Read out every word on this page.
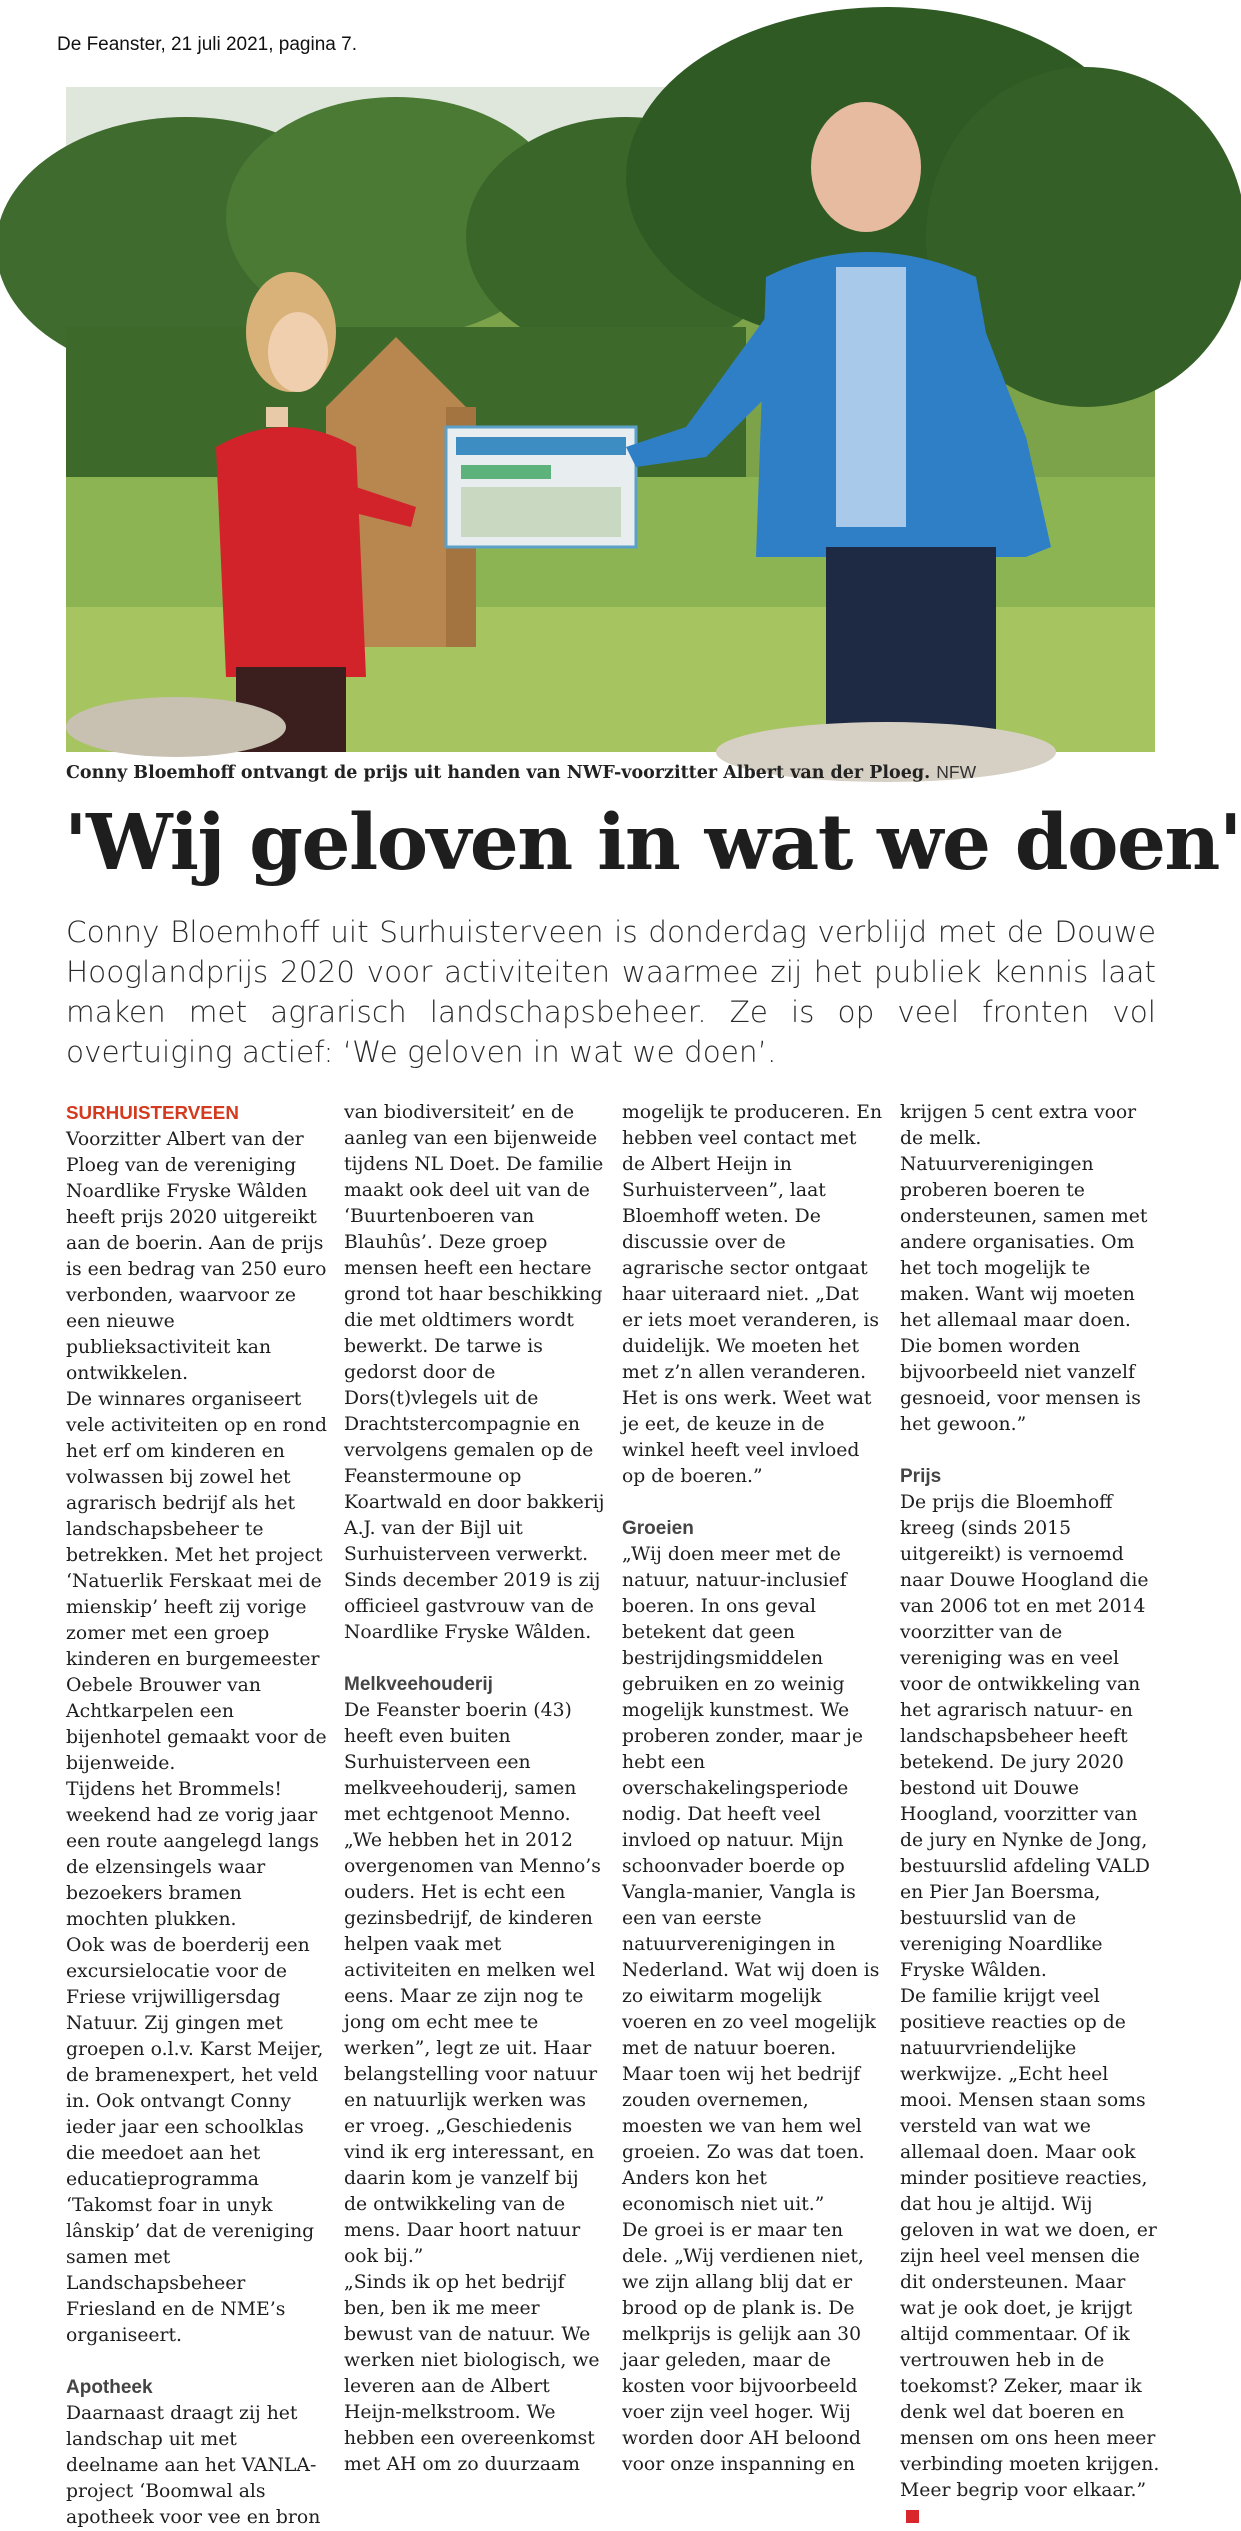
De Feanster, 21 juli 2021, pagina 7.
Conny Bloemhoff ontvangt de prijs uit handen van NWF-voorzitter Albert van der Ploeg. NFW
'Wij geloven in wat we doen'

Conny Bloemhoff uit Surhuisterveen is donderdag verblijd met de Douwe Hooglandprijs 2020 voor activiteiten waarmee zij het publiek kennis laat maken met agrarisch landschapsbeheer. Ze is op veel fronten vol overtuiging actief: ‘We geloven in wat we doen’.

SURHUISTERVEEN Voorzitter Albert van der Ploeg van de vereniging Noardlike Fryske Wâlden heeft prijs 2020 uitgereikt aan de boerin. Aan de prijs is een bedrag van 250 euro verbonden, waarvoor ze een nieuwe publieksactiviteit kan ontwikkelen.

De winnares organiseert vele activiteiten op en rond het erf om kinderen en volwassen bij zowel het agrarisch bedrijf als het landschapsbeheer te betrekken. Met het project ‘Natuerlik Ferskaat mei de mienskip’ heeft zij vorige zomer met een groep kinderen en burgemeester Oebele Brouwer van Achtkarpelen een bijenhotel gemaakt voor de bijenweide.

Tijdens het Brommels! weekend had ze vorig jaar een route aangelegd langs de elzensingels waar bezoekers bramen mochten plukken.

Ook was de boerderij een excursielocatie voor de Friese vrijwilligersdag Natuur. Zij gingen met groepen o.l.v. Karst Meijer, de bramenexpert, het veld in. Ook ontvangt Conny ieder jaar een schoolklas die meedoet aan het educatieprogramma ‘Takomst foar in unyk lânskip’ dat de vereniging samen met Landschapsbeheer Friesland en de NME’s organiseert.

Apotheek

Daarnaast draagt zij het landschap uit met deelname aan het VANLA-project ‘Boomwal als apotheek voor vee en bron

van biodiversiteit’ en de aanleg van een bijenweide tijdens NL Doet. De familie maakt ook deel uit van de ‘Buurtenboeren van Blauhûs’. Deze groep mensen heeft een hectare grond tot haar beschikking die met oldtimers wordt bewerkt. De tarwe is gedorst door de Dors(t)vlegels uit de Drachtstercompagnie en vervolgens gemalen op de Feanstermoune op Koartwald en door bakkerij A.J. van der Bijl uit Surhuisterveen verwerkt. Sinds december 2019 is zij officieel gastvrouw van de Noardlike Fryske Wâlden.

Melkveehouderij

De Feanster boerin (43) heeft even buiten Surhuisterveen een melkveehouderij, samen met echtgenoot Menno. „We hebben het in 2012 overgenomen van Menno’s ouders. Het is echt een gezinsbedrijf, de kinderen helpen vaak met activiteiten en melken wel eens. Maar ze zijn nog te jong om echt mee te werken”, legt ze uit. Haar belangstelling voor natuur en natuurlijk werken was er vroeg. „Geschiedenis vind ik erg interessant, en daarin kom je vanzelf bij de ontwikkeling van de mens. Daar hoort natuur ook bij.”

„Sinds ik op het bedrijf ben, ben ik me meer bewust van de natuur. We werken niet biologisch, we leveren aan de Albert Heijn-melkstroom. We hebben een overeenkomst met AH om zo duurzaam

mogelijk te produceren. En hebben veel contact met de Albert Heijn in Surhuisterveen”, laat Bloemhoff weten. De discussie over de agrarische sector ontgaat haar uiteraard niet. „Dat er iets moet veranderen, is duidelijk. We moeten het met z’n allen veranderen. Het is ons werk. Weet wat je eet, de keuze in de winkel heeft veel invloed op de boeren.”

Groeien

„Wij doen meer met de natuur, natuur-inclusief boeren. In ons geval betekent dat geen bestrijdingsmiddelen gebruiken en zo weinig mogelijk kunstmest. We proberen zonder, maar je hebt een overschakelingsperiode nodig. Dat heeft veel invloed op natuur. Mijn schoonvader boerde op Vangla-manier, Vangla is een van eerste natuurverenigingen in Nederland. Wat wij doen is zo eiwitarm mogelijk voeren en zo veel mogelijk met de natuur boeren. Maar toen wij het bedrijf zouden overnemen, moesten we van hem wel groeien. Zo was dat toen. Anders kon het economisch niet uit.”

De groei is er maar ten dele. „Wij verdienen niet, we zijn allang blij dat er brood op de plank is. De melkprijs is gelijk aan 30 jaar geleden, maar de kosten voor bijvoorbeeld voer zijn veel hoger. Wij worden door AH beloond voor onze inspanning en

krijgen 5 cent extra voor de melk. Natuurverenigingen proberen boeren te ondersteunen, samen met andere organisaties. Om het toch mogelijk te maken. Want wij moeten het allemaal maar doen. Die bomen worden bijvoorbeeld niet vanzelf gesnoeid, voor mensen is het gewoon.”

Prijs

De prijs die Bloemhoff kreeg (sinds 2015 uitgereikt) is vernoemd naar Douwe Hoogland die van 2006 tot en met 2014 voorzitter van de vereniging was en veel voor de ontwikkeling van het agrarisch natuur- en landschapsbeheer heeft betekend. De jury 2020 bestond uit Douwe Hoogland, voorzitter van de jury en Nynke de Jong, bestuurslid afdeling VALD en Pier Jan Boersma, bestuurslid van de vereniging Noardlike Fryske Wâlden.

De familie krijgt veel positieve reacties op de natuurvriendelijke werkwijze. „Echt heel mooi. Mensen staan soms versteld van wat we allemaal doen. Maar ook minder positieve reacties, dat hou je altijd. Wij geloven in wat we doen, er zijn heel veel mensen die dit ondersteunen. Maar wat je ook doet, je krijgt altijd commentaar. Of ik vertrouwen heb in de toekomst? Zeker, maar ik denk wel dat boeren en mensen om ons heen meer verbinding moeten krijgen. Meer begrip voor elkaar.”
